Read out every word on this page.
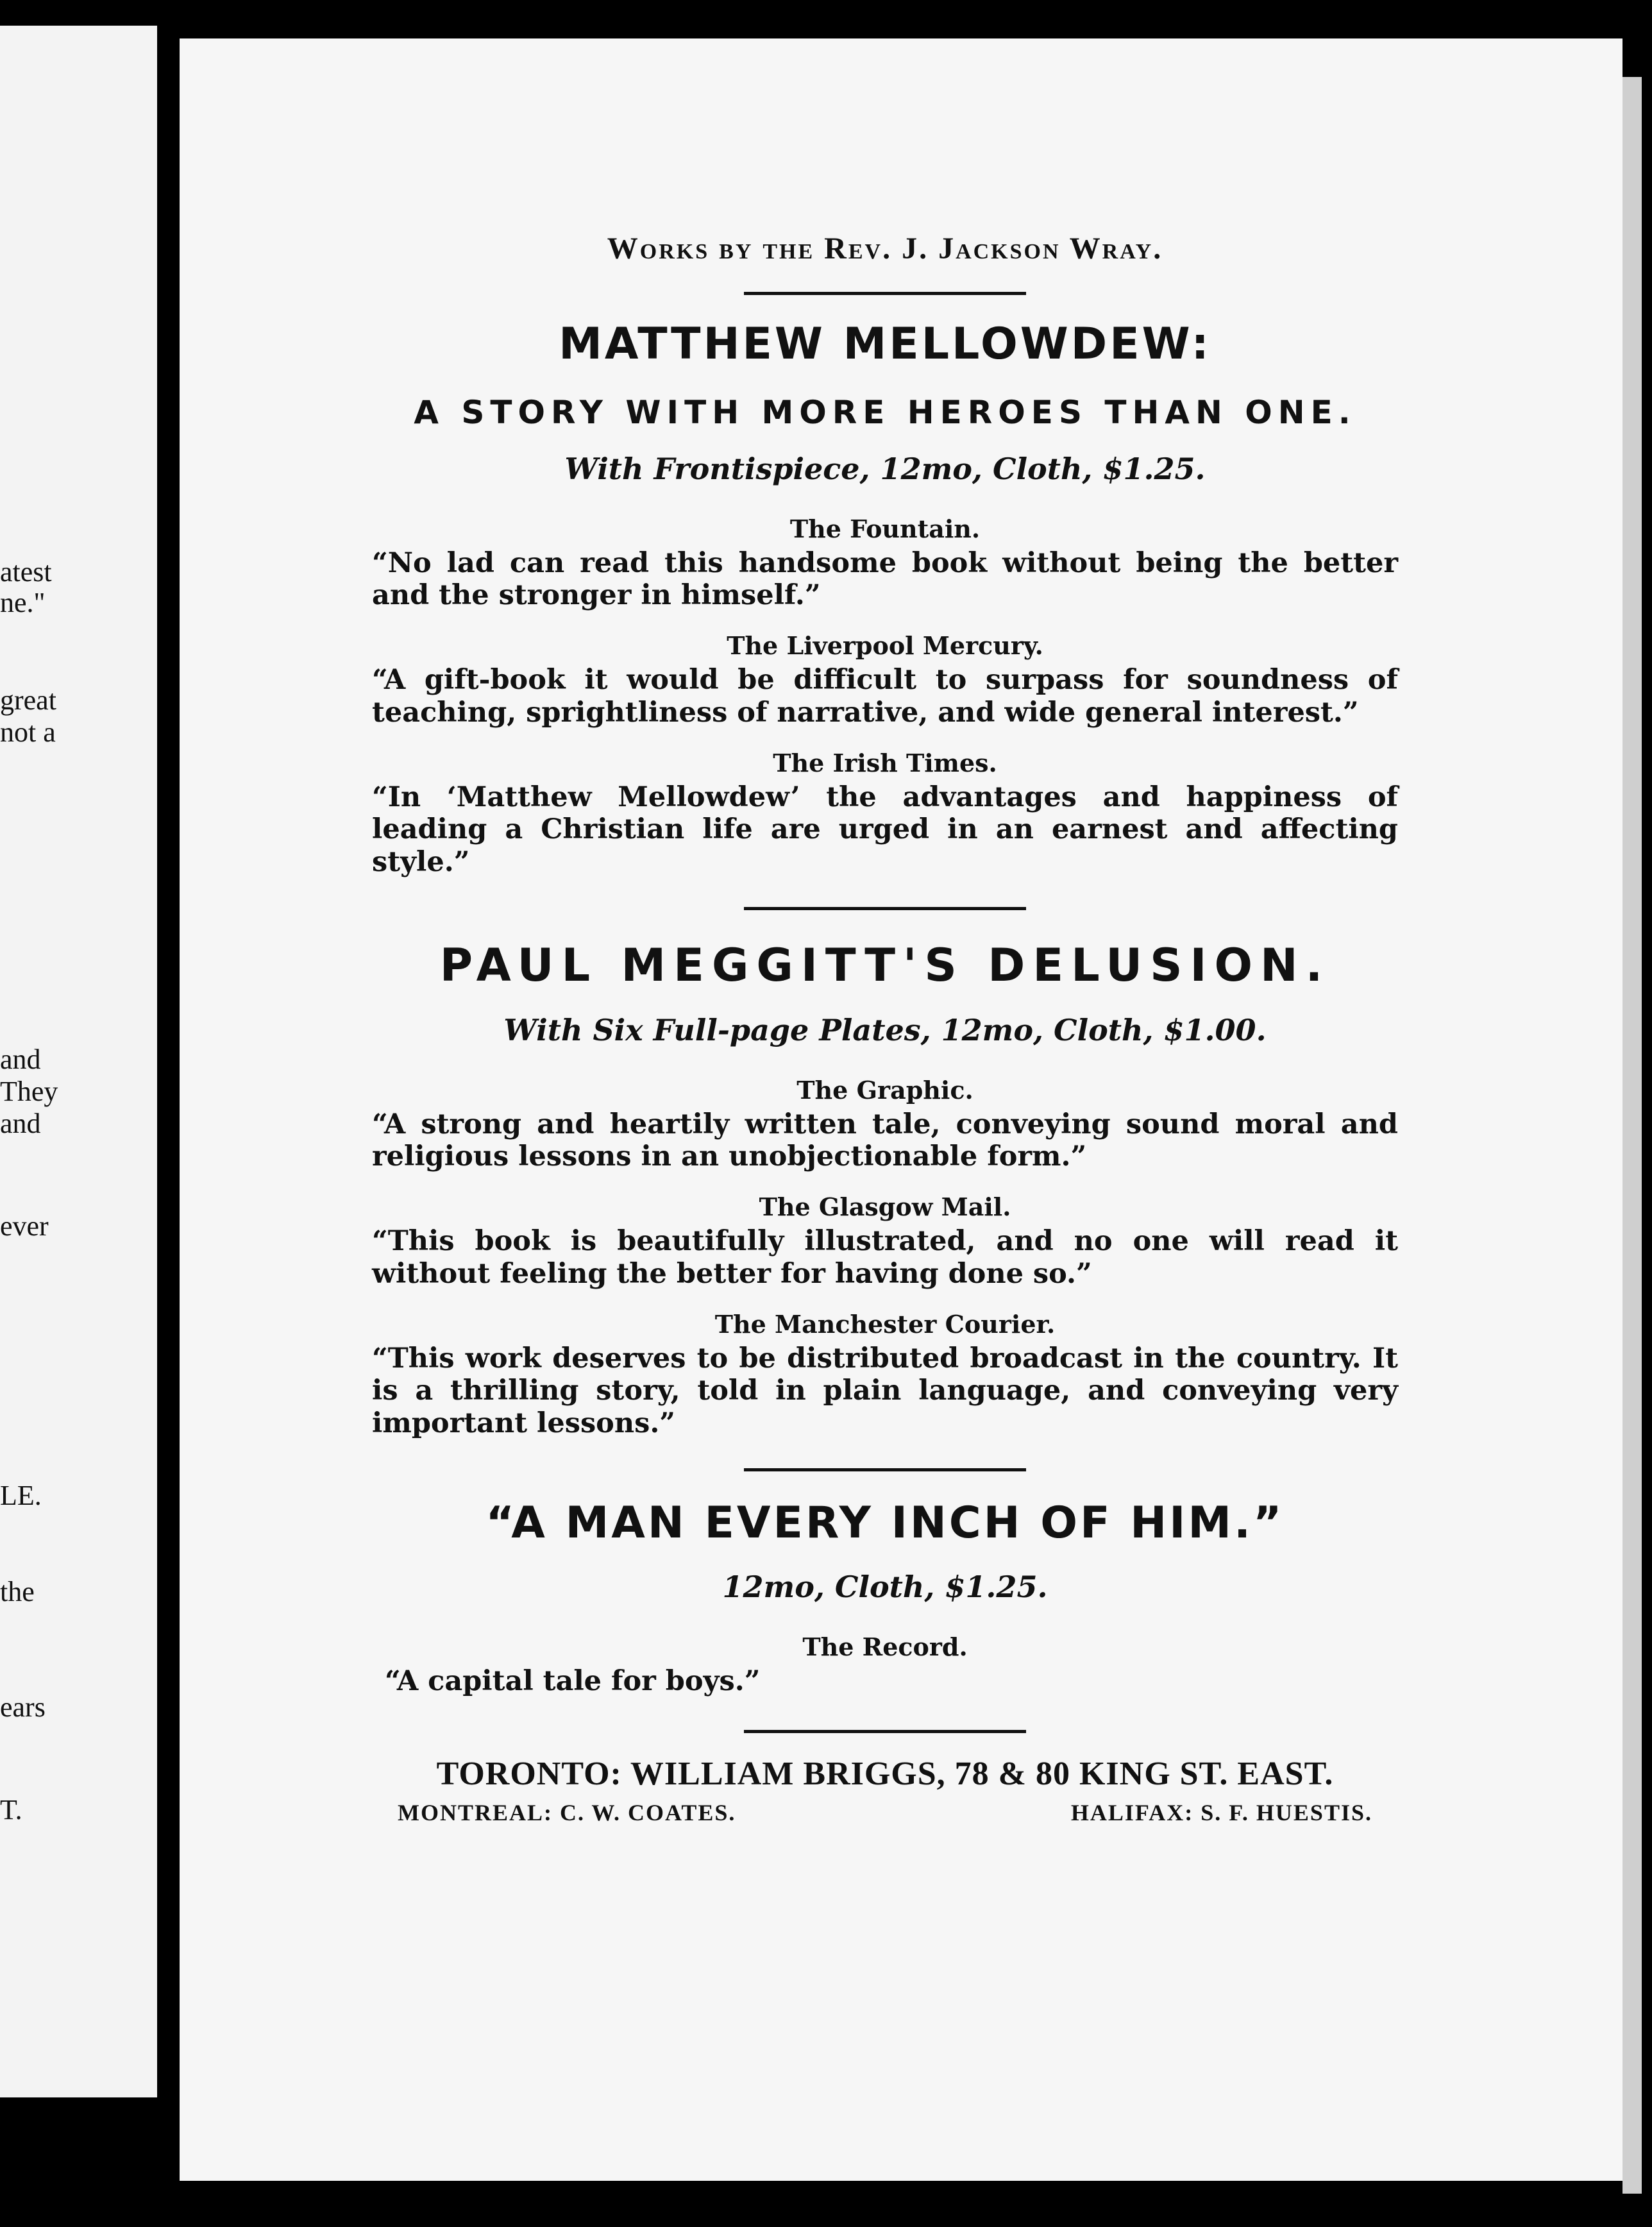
atest
ne."
great
not a
and
They
and
ever
LE.
the
ears
T.
Works by the Rev. J. Jackson Wray.
MATTHEW MELLOWDEW:
A STORY WITH MORE HEROES THAN ONE.
With Frontispiece, 12mo, Cloth, $1.25.
The Fountain.

“No lad can read this handsome book without being the better and the stronger in himself.”

The Liverpool Mercury.

“A gift-book it would be difficult to surpass for soundness of teaching, sprightliness of narrative, and wide general interest.”

The Irish Times.

“In ‘Matthew Mellowdew’ the advantages and happiness of leading a Christian life are urged in an earnest and affecting style.”

PAUL MEGGITT'S DELUSION.
With Six Full-page Plates, 12mo, Cloth, $1.00.
The Graphic.

“A strong and heartily written tale, conveying sound moral and religious lessons in an unobjectionable form.”

The Glasgow Mail.

“This book is beautifully illustrated, and no one will read it without feeling the better for having done so.”

The Manchester Courier.

“This work deserves to be distributed broadcast in the country. It is a thrilling story, told in plain language, and conveying very important lessons.”

“A MAN EVERY INCH OF HIM.”
12mo, Cloth, $1.25.
The Record.

“A capital tale for boys.”

TORONTO: WILLIAM BRIGGS, 78 & 80 KING ST. EAST.
MONTREAL: C. W. COATES.	HALIFAX: S. F. HUESTIS.
